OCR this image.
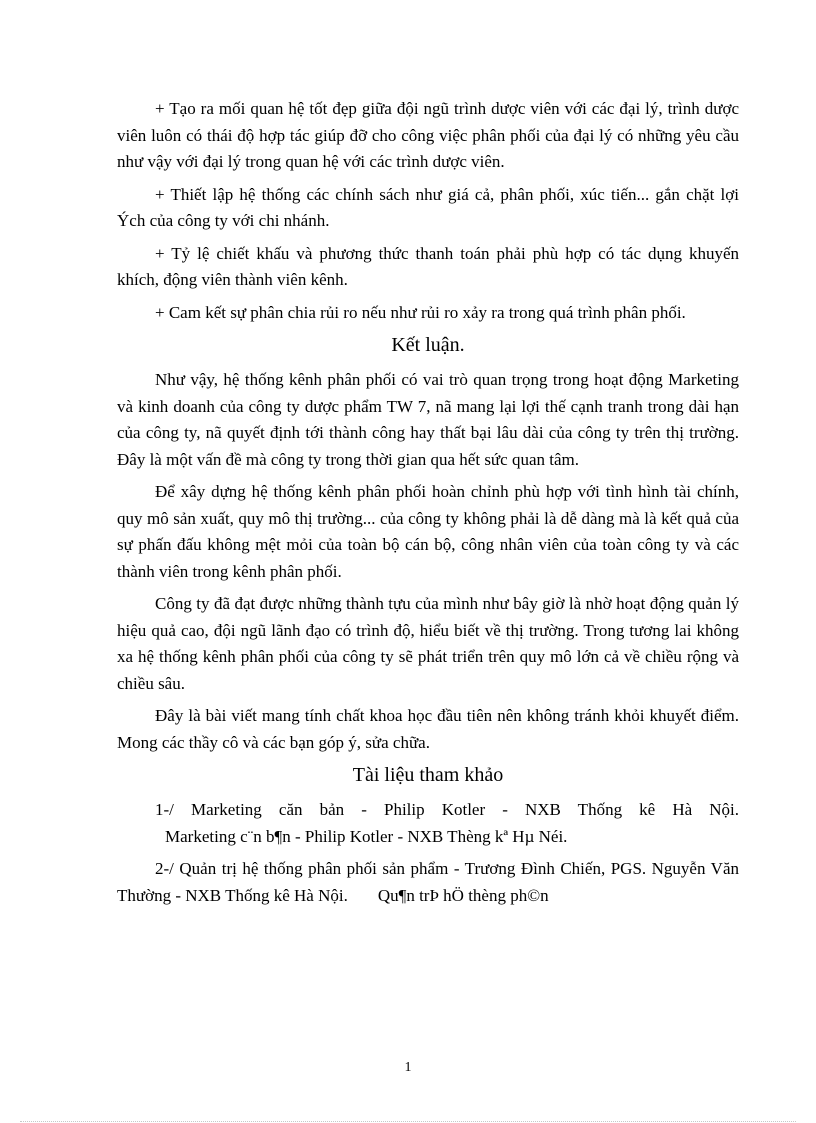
+ Tạo ra mối quan hệ tốt đẹp giữa đội ngũ trình dược viên với các đại lý, trình dược viên luôn có thái độ hợp tác giúp đỡ cho công việc phân phối của đại lý có những yêu cầu như vậy với đại lý trong quan hệ với các trình dược viên.

+ Thiết lập hệ thống các chính sách như giá cả, phân phối, xúc tiến... gắn chặt lợi Ých của công ty với chi nhánh.

+ Tỷ lệ chiết khấu và phương thức thanh toán phải phù hợp có tác dụng khuyến khích, động viên thành viên kênh.

+ Cam kết sự phân chia rủi ro nếu như rủi ro xảy ra trong quá trình phân phối.

Kết luận.

Như vậy, hệ thống kênh phân phối có vai trò quan trọng trong hoạt động Marketing và kinh doanh của công ty dược phẩm TW 7, nã mang lại lợi thế cạnh tranh trong dài hạn của công ty, nã quyết định tới thành công hay thất bại lâu dài của công ty trên thị trường. Đây là một vấn đề mà công ty trong thời gian qua hết sức quan tâm.

Để xây dựng hệ thống kênh phân phối hoàn chỉnh phù hợp với tình hình tài chính, quy mô sản xuất, quy mô thị trường... của công ty không phải là dễ dàng mà là kết quả của sự phấn đấu không mệt mỏi của toàn bộ cán bộ, công nhân viên của toàn công ty và các thành viên trong kênh phân phối.

Công ty đã đạt được những thành tựu của mình như bây giờ là nhờ hoạt động quản lý hiệu quả cao, đội ngũ lãnh đạo có trình độ, hiểu biết về thị trường. Trong tương lai không xa hệ thống kênh phân phối của công ty sẽ phát triển trên quy mô lớn cả về chiều rộng và chiều sâu.

Đây là bài viết mang tính chất khoa học đầu tiên nên không tránh khỏi khuyết điểm. Mong các thầy cô và các bạn góp ý, sửa chữa.

Tài liệu tham khảo
1-/ Marketing căn bản - Philip Kotler - NXB Thống kê Hà Nội.
Marketing c¨n b¶n - Philip Kotler - NXB Thèng kª Hµ Néi.

2-/ Quản trị hệ thống phân phối sản phẩm - Trương Đình Chiến, PGS. Nguyễn Văn Thường - NXB Thống kê Hà Nội. Qu¶n trÞ hÖ thèng ph©n

1
